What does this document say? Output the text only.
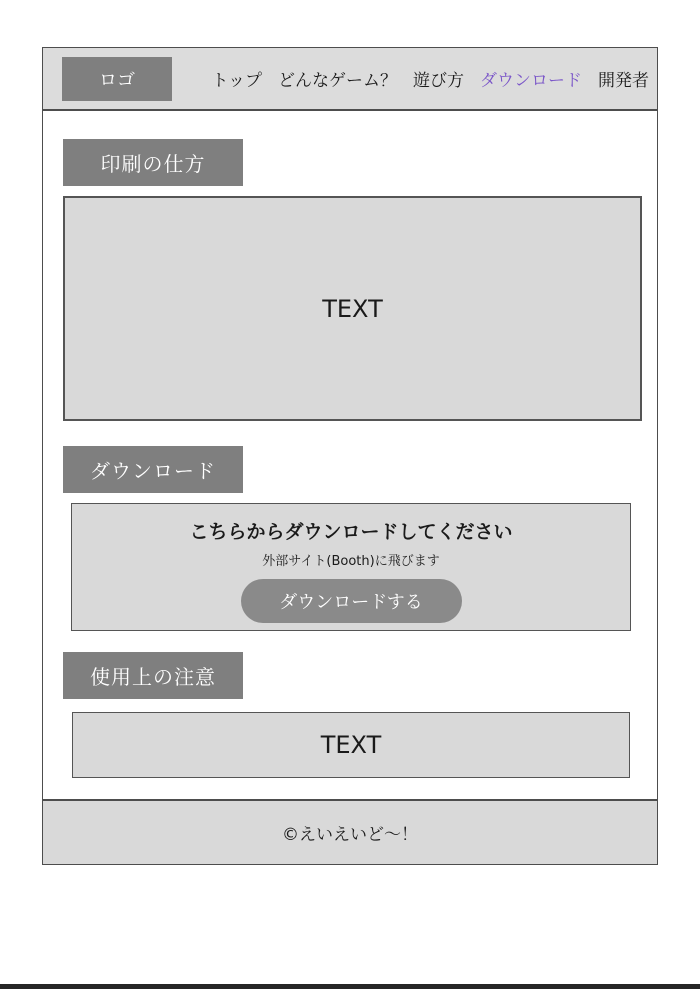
ロゴ	トップ どんなゲーム？ 遊び方 ダウンロード 開発者
印刷の仕方
TEXT
ダウンロード
こちらからダウンロードしてください
外部サイト(Booth)に飛びます
ダウンロードする
使用上の注意
TEXT
©えいえいど〜！
